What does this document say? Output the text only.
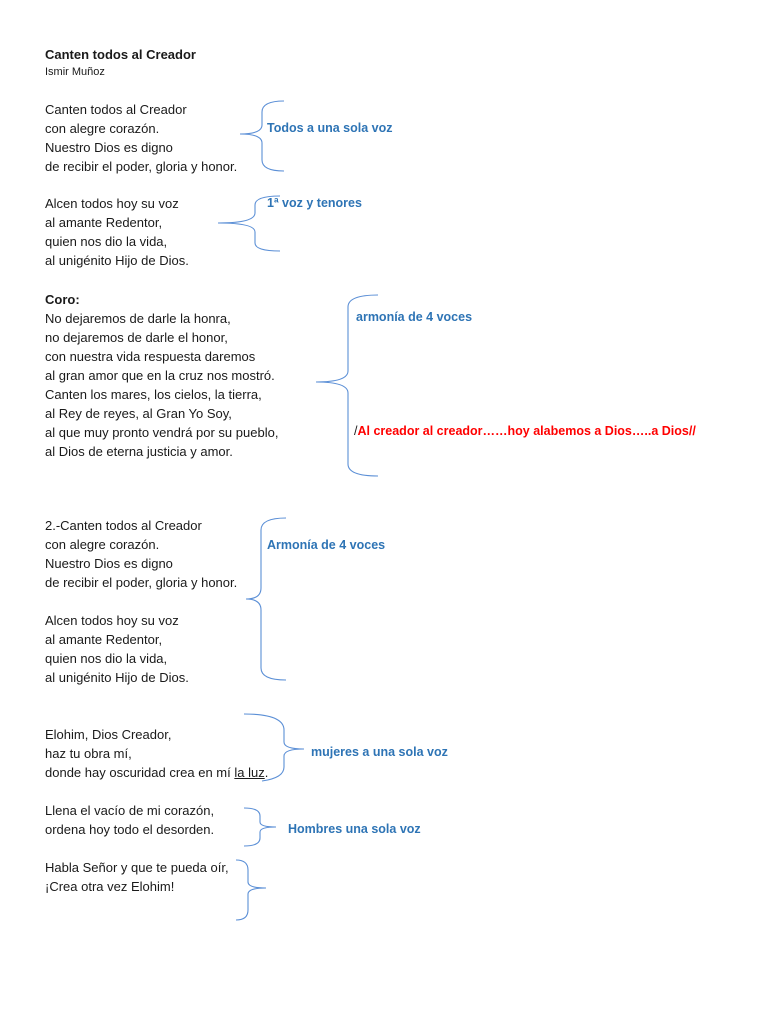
Canten todos al Creador
Ismir Muñoz
Canten todos al Creador
con alegre corazón.
Nuestro Dios es digno
de recibir el poder, gloria y honor.
Alcen todos hoy su voz
al amante Redentor,
quien nos dio la vida,
al unigénito Hijo de Dios.
Coro:
No dejaremos de darle la honra,
no dejaremos de darle el honor,
con nuestra vida respuesta daremos
al gran amor que en la cruz nos mostró.
Canten los mares, los cielos, la tierra,
al Rey de reyes, al Gran Yo Soy,
al que muy pronto vendrá por su pueblo,
al Dios de eterna justicia y amor.
2.-Canten todos al Creador
con alegre corazón.
Nuestro Dios es digno
de recibir el poder, gloria y honor.
Alcen todos hoy su voz
al amante Redentor,
quien nos dio la vida,
al unigénito Hijo de Dios.
Elohim, Dios Creador,
haz tu obra mí,
donde hay oscuridad crea en mí la luz.
Llena el vacío de mi corazón,
ordena hoy todo el desorden.
Habla Señor y que te pueda oír,
¡Crea otra vez Elohim!
Todos a una sola voz
1ª voz y tenores
armonía de 4 voces
/Al creador al creador……hoy alabemos a Dios…..a Dios//
Armonía de 4 voces
mujeres a una sola voz
Hombres una sola voz
